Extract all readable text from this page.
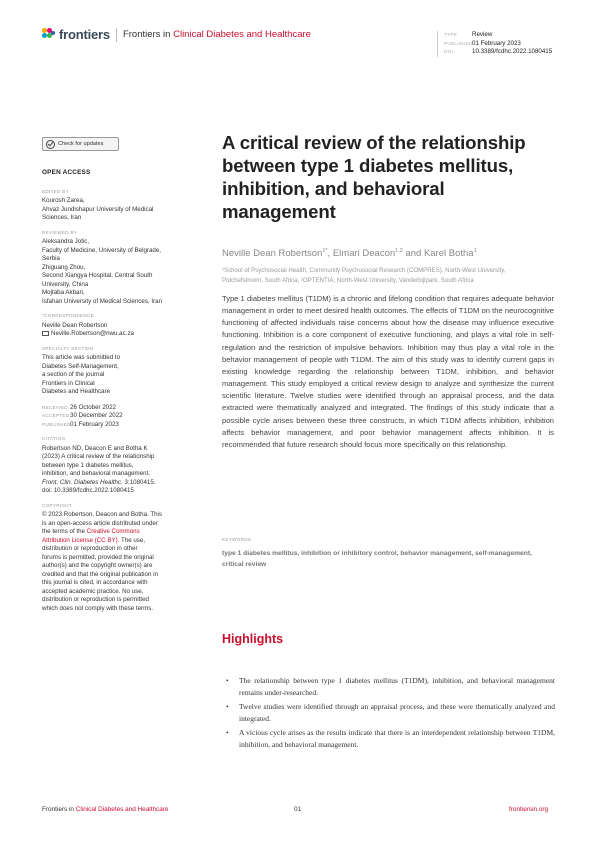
frontiers Frontiers in Clinical Diabetes and Healthcare	TYPE Review
PUBLISHED01 February 2023
DOI	10.3389/fcdhc.2022.1080415
Check for updates
OPEN ACCESS
EDITED BY
Kourosh Zarea,
Ahvaz Jundishapur University of Medical
Sciences, Iran
REVIEWED BY
Aleksandra Jotic,
Faculty of Medicine, University of Belgrade,
Serbia
Zhiguang Zhou,
Second Xiangya Hospital, Central South
University, China
Mojtaba Akbari,
Isfahan University of Medical Sciences, Iran
*CORRESPONDENCE
Neville Dean Robertson
Neville.Robertson@nwu.ac.za
SPECIALTY SECTION
This article was submitted to
Diabetes Self-Management,
a section of the journal
Frontiers in Clinical
Diabetes and Healthcare
RECEIVED 26 October 2022
ACCEPTED30 December 2022
PUBLISHED01 February 2023
CITATION
Robertson ND, Deacon E and Botha K
(2023) A critical review of the relationship
between type 1 diabetes mellitus,
inhibition, and behavioral management.
Front. Clin. Diabetes Healthc. 3:1080415.
doi: 10.3389/fcdhc.2022.1080415
COPYRIGHT
© 2023 Robertson, Deacon and Botha. This
is an open-access article distributed under
the terms of the Creative Commons
Attribution License (CC BY). The use,
distribution or reproduction in other
forums is permitted, provided the original
author(s) and the copyright owner(s) are
credited and that the original publication in
this journal is cited, in accordance with
accepted academic practice. No use,
distribution or reproduction is permitted
which does not comply with these terms.
A critical review of the relationship between type 1 diabetes mellitus, inhibition, and behavioral management
Neville Dean Robertson$^{1*}$, Elmari Deacon$^{1,2}$ and Karel Botha$^1$
¹School of Psychosocial Health, Community Psychosocial Research (COMPRES), North-West University,
Potchefstroom, South Africa, ²OPTENTIA, North-West University, Vanderbijlpark, South Africa

Type 1 diabetes mellitus (T1DM) is a chronic and lifelong condition that requires adequate behavior management in order to meet desired health outcomes. The effects of T1DM on the neurocognitive functioning of affected individuals raise concerns about how the disease may influence executive functioning. Inhibition is a core component of executive functioning, and plays a vital role in self-regulation and the restriction of impulsive behaviors. Inhibition may thus play a vital role in the behavior management of people with T1DM. The aim of this study was to identify current gaps in existing knowledge regarding the relationship between T1DM, inhibition, and behavior management. This study employed a critical review design to analyze and synthesize the current scientific literature. Twelve studies were identified through an appraisal process, and the data extracted were thematically analyzed and integrated. The findings of this study indicate that a possible cycle arises between these three constructs, in which T1DM affects inhibition, inhibition affects behavior management, and poor behavior management affects inhibition. It is recommended that future research should focus more specifically on this relationship.

KEYWORDS
type 1 diabetes mellitus, inhibition or inhibitory control, behavior management, self-management, critical review
Highlights
• The relationship between type 1 diabetes mellitus (T1DM), inhibition, and behavioral management remains under-researched.
• Twelve studies were identified through an appraisal process, and these were thematically analyzed and integrated.
• A vicious cycle arises as the results indicate that there is an interdependent relationship between T1DM, inhibition, and behavioral management.
Frontiers in Clinical Diabetes and Healthcare	01	frontiersin.org
